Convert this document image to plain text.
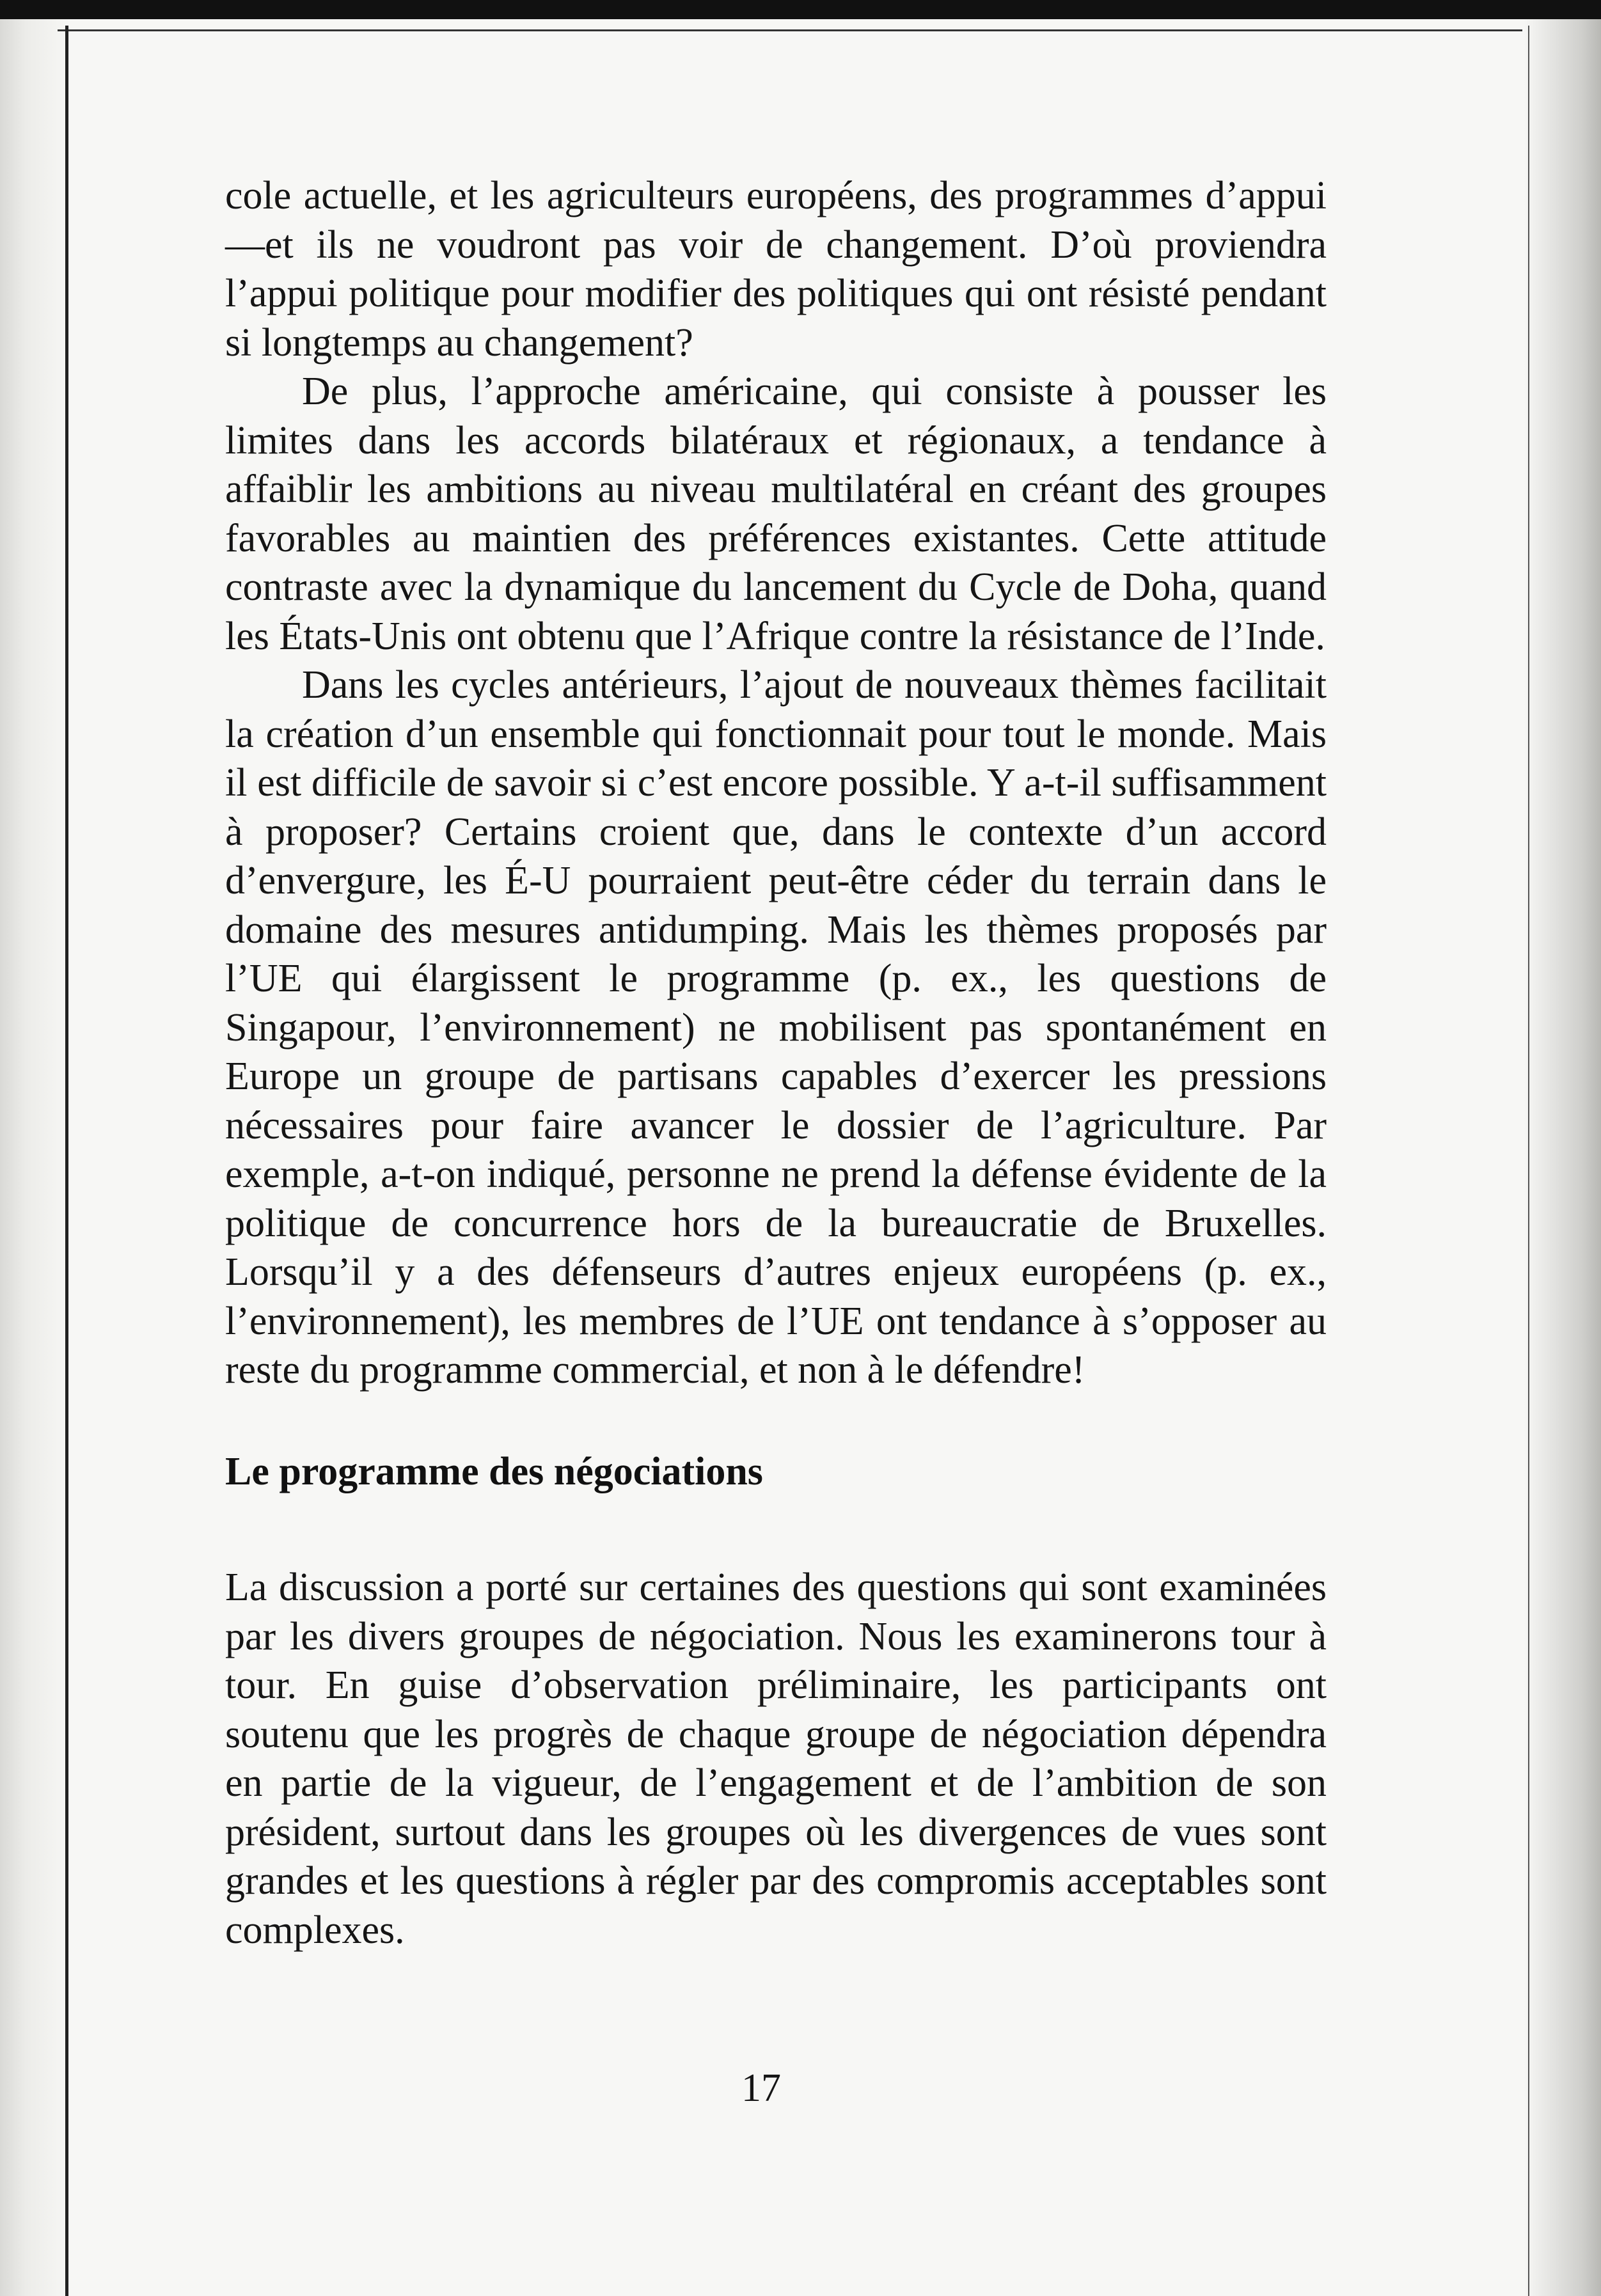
cole actuelle, et les agriculteurs européens, des programmes d’appui—et ils ne voudront pas voir de changement. D’où proviendra l’appui politique pour modifier des politiques qui ont résisté pendant si longtemps au changement?

De plus, l’approche américaine, qui consiste à pousser les limites dans les accords bilatéraux et régionaux, a tendance à affaiblir les ambitions au niveau multilatéral en créant des groupes favorables au maintien des préférences existantes. Cette attitude contraste avec la dynamique du lancement du Cycle de Doha, quand les États-Unis ont obtenu que l’Afrique contre la résistance de l’Inde.

Dans les cycles antérieurs, l’ajout de nouveaux thèmes facilitait la création d’un ensemble qui fonctionnait pour tout le monde. Mais il est difficile de savoir si c’est encore possible. Y a-t-il suffisamment à proposer? Certains croient que, dans le contexte d’un accord d’envergure, les É-U pourraient peut-être céder du terrain dans le domaine des mesures antidumping. Mais les thèmes proposés par l’UE qui élargissent le programme (p. ex., les questions de Singapour, l’environnement) ne mobilisent pas spontanément en Europe un groupe de partisans capables d’exercer les pressions nécessaires pour faire avancer le dossier de l’agriculture. Par exemple, a-t-on indiqué, personne ne prend la défense évidente de la politique de concurrence hors de la bureaucratie de Bruxelles. Lorsqu’il y a des défenseurs d’autres enjeux européens (p. ex., l’environnement), les membres de l’UE ont tendance à s’opposer au reste du programme commercial, et non à le défendre!

Le programme des négociations

La discussion a porté sur certaines des questions qui sont examinées par les divers groupes de négociation. Nous les examinerons tour à tour. En guise d’observation préliminaire, les participants ont soutenu que les progrès de chaque groupe de négociation dépendra en partie de la vigueur, de l’engagement et de l’ambition de son président, surtout dans les groupes où les divergences de vues sont grandes et les questions à régler par des compromis acceptables sont complexes.

17
